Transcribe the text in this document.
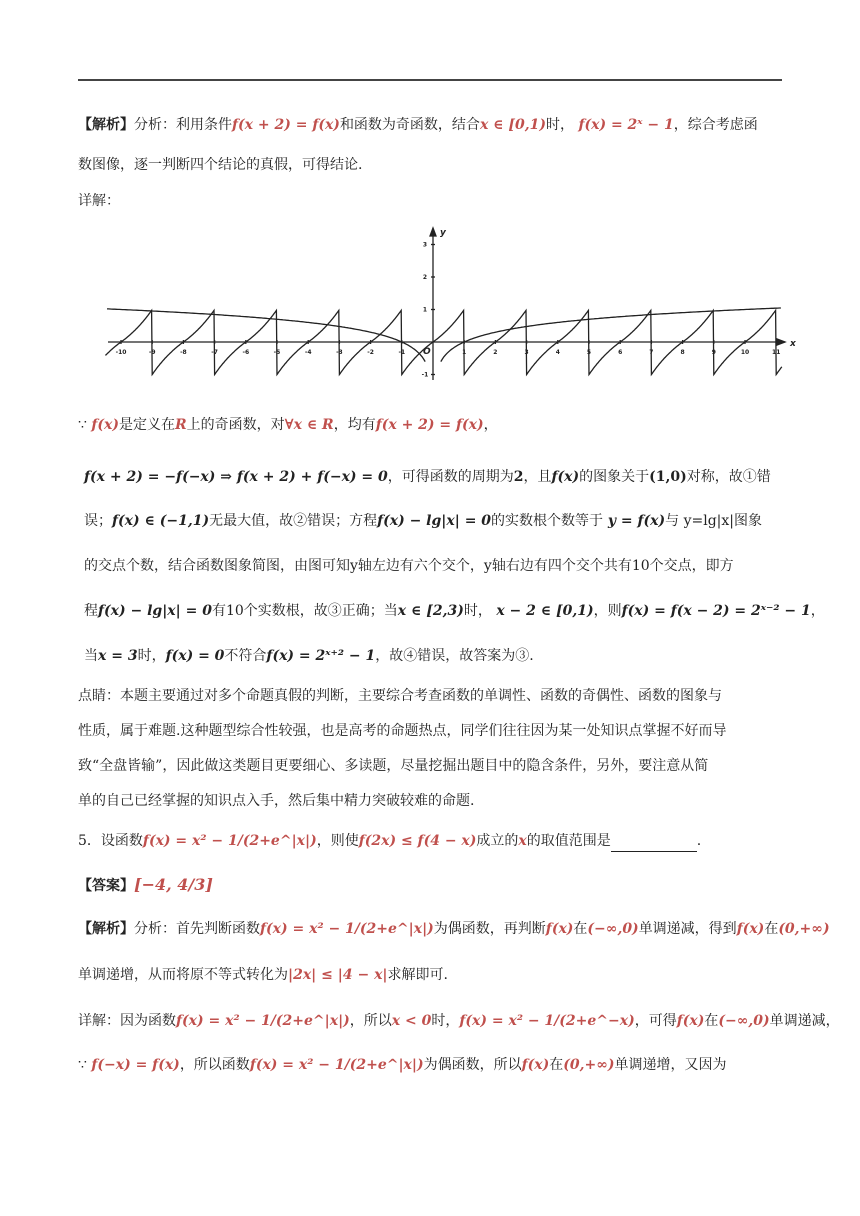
【解析】分析：利用条件f(x + 2) = f(x)和函数为奇函数，结合x ∈ [0,1)时， f(x) = 2ˣ − 1，综合考虑函
数图像，逐一判断四个结论的真假，可得结论.
详解：
-10	-9	-8	-7	-6	-5	-4	-3	-2	-1	1	2	3	4	5	6	7	8	9	10	11
3
2
1
-1
x
y
O
∵ f(x)是定义在R上的奇函数，对∀x ∈ R，均有f(x + 2) = f(x)，
f(x + 2) = −f(−x) ⇒ f(x + 2) + f(−x) = 0，可得函数的周期为2，且f(x)的图象关于(1,0)对称，故①错
误；f(x) ∈ (−1,1)无最大值，故②错误；方程f(x) − lg|x| = 0的实数根个数等于 y = f(x)与 y=lg|x|图象
的交点个数，结合函数图象简图，由图可知y轴左边有六个交个，y轴右边有四个交个共有10个交点，即方
程f(x) − lg|x| = 0有10个实数根，故③正确；当x ∈ [2,3)时， x − 2 ∈ [0,1)，则f(x) = f(x − 2) = 2ˣ⁻² − 1，
当x = 3时，f(x) = 0不符合f(x) = 2ˣ⁺² − 1，故④错误，故答案为③.
点睛：本题主要通过对多个命题真假的判断，主要综合考查函数的单调性、函数的奇偶性、函数的图象与
性质，属于难题.这种题型综合性较强，也是高考的命题热点，同学们往往因为某一处知识点掌握不好而导
致“全盘皆输”，因此做这类题目更要细心、多读题，尽量挖掘出题目中的隐含条件，另外，要注意从简
单的自己已经掌握的知识点入手，然后集中精力突破较难的命题.
5．设函数f(x) = x² − 1/(2+e^|x|)，则使f(2x) ≤ f(4 − x)成立的x的取值范围是	.
【答案】[−4, 4/3]
【解析】分析：首先判断函数f(x) = x² − 1/(2+e^|x|)为偶函数，再判断f(x)在(−∞,0)单调递减，得到f(x)在(0,+∞)
单调递增，从而将原不等式转化为|2x| ≤ |4 − x|求解即可.
详解：因为函数f(x) = x² − 1/(2+e^|x|)，所以x < 0时，f(x) = x² − 1/(2+e^−x)，可得f(x)在(−∞,0)单调递减，
∵ f(−x) = f(x)，所以函数f(x) = x² − 1/(2+e^|x|)为偶函数，所以f(x)在(0,+∞)单调递增，又因为
